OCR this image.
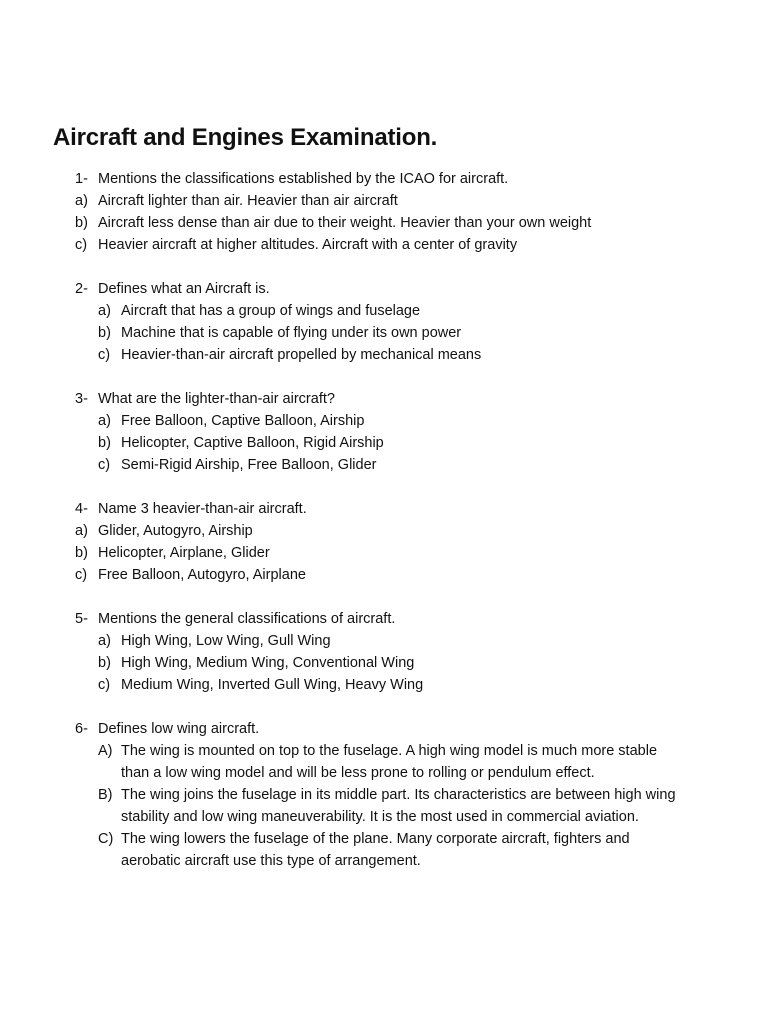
Aircraft and Engines Examination.
1- Mentions the classifications established by the ICAO for aircraft.
a) Aircraft lighter than air. Heavier than air aircraft
b) Aircraft less dense than air due to their weight. Heavier than your own weight
c) Heavier aircraft at higher altitudes. Aircraft with a center of gravity
2- Defines what an Aircraft is.
a) Aircraft that has a group of wings and fuselage
b) Machine that is capable of flying under its own power
c) Heavier-than-air aircraft propelled by mechanical means
3- What are the lighter-than-air aircraft?
a) Free Balloon, Captive Balloon, Airship
b) Helicopter, Captive Balloon, Rigid Airship
c) Semi-Rigid Airship, Free Balloon, Glider
4- Name 3 heavier-than-air aircraft.
a) Glider, Autogyro, Airship
b) Helicopter, Airplane, Glider
c) Free Balloon, Autogyro, Airplane
5- Mentions the general classifications of aircraft.
a) High Wing, Low Wing, Gull Wing
b) High Wing, Medium Wing, Conventional Wing
c) Medium Wing, Inverted Gull Wing, Heavy Wing
6- Defines low wing aircraft.
A) The wing is mounted on top to the fuselage. A high wing model is much more stable than a low wing model and will be less prone to rolling or pendulum effect.
B) The wing joins the fuselage in its middle part. Its characteristics are between high wing stability and low wing maneuverability. It is the most used in commercial aviation.
C) The wing lowers the fuselage of the plane. Many corporate aircraft, fighters and aerobatic aircraft use this type of arrangement.
